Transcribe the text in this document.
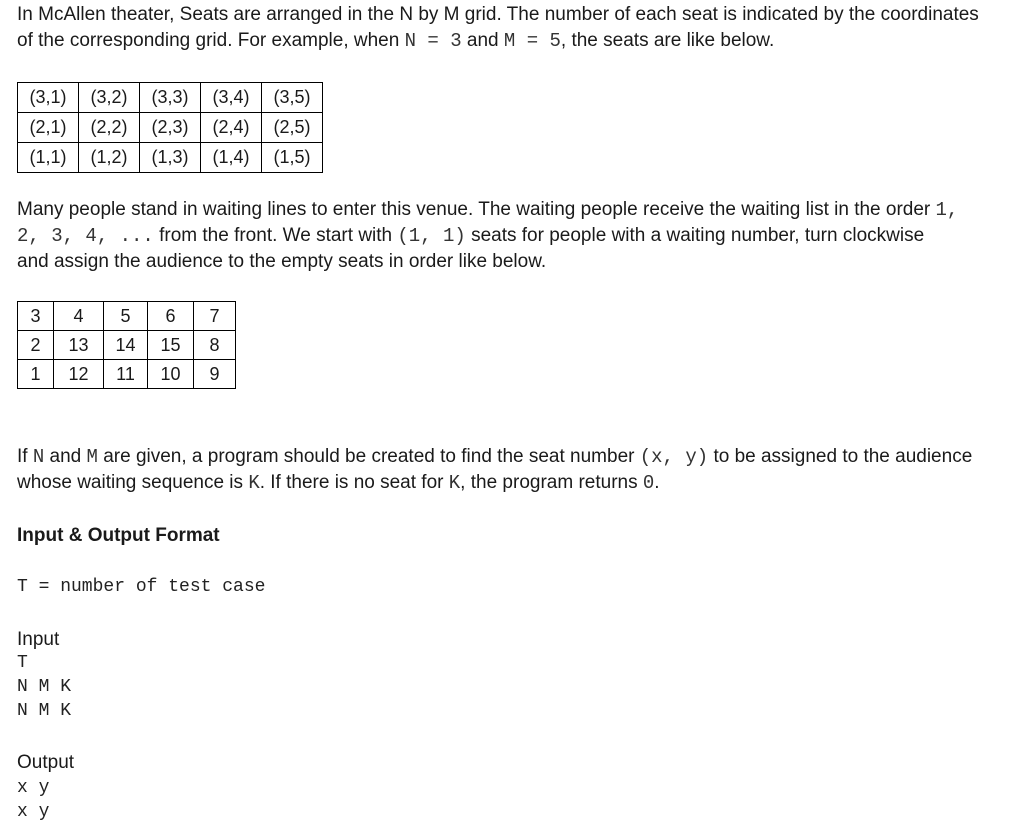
In McAllen theater, Seats are arranged in the N by M grid. The number of each seat is indicated by the coordinates

of the corresponding grid. For example, when N = 3 and M = 5, the seats are like below.

(3,1)	(3,2)	(3,3)	(3,4)	(3,5)
(2,1)	(2,2)	(2,3)	(2,4)	(2,5)
(1,1)	(1,2)	(1,3)	(1,4)	(1,5)

Many people stand in waiting lines to enter this venue. The waiting people receive the waiting list in the order 1,

2, 3, 4, ... from the front. We start with (1, 1) seats for people with a waiting number, turn clockwise

and assign the audience to the empty seats in order like below.

3	4	5	6	7
2	13	14	15	8
1	12	11	10	9

If N and M are given, a program should be created to find the seat number (x, y) to be assigned to the audience

whose waiting sequence is K. If there is no seat for K, the program returns 0.

Input & Output Format
T = number of test case
Input
T
N M K
N M K
Output
x y
x y
